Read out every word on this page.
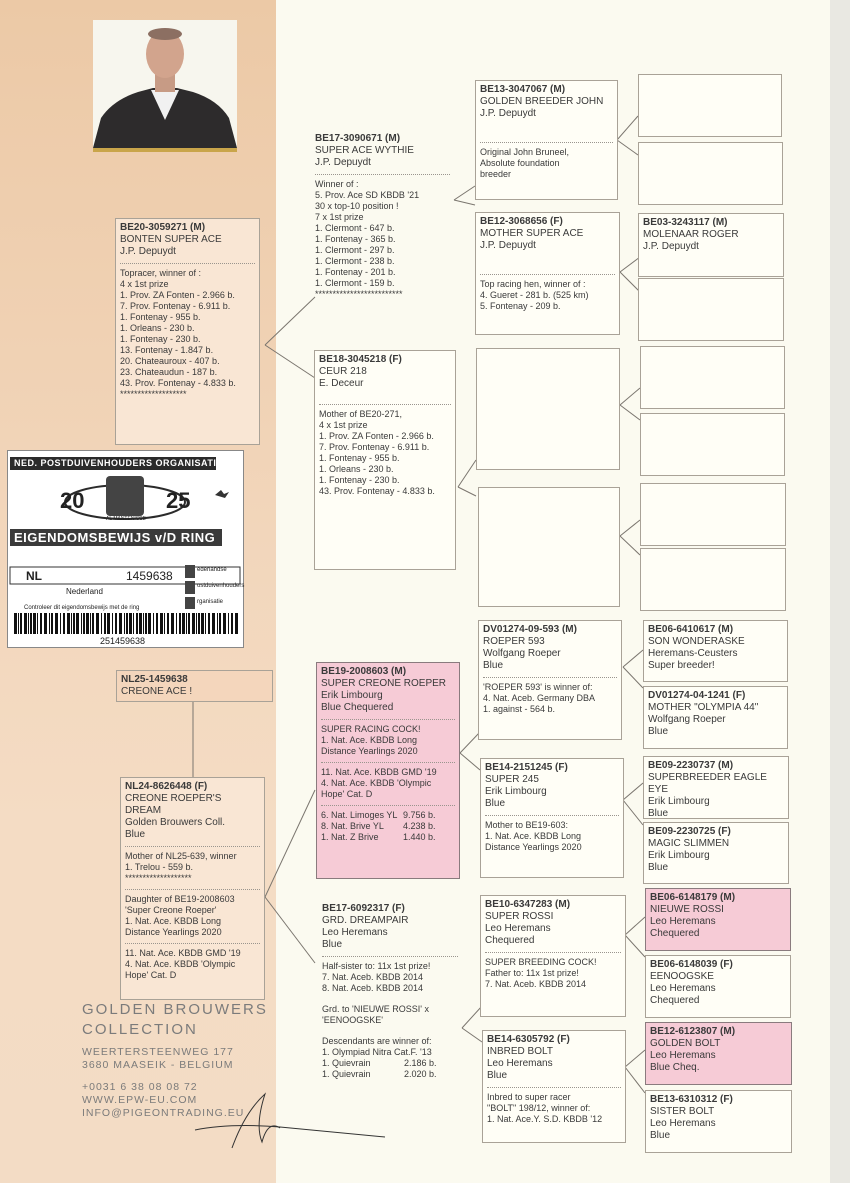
NED. POSTDUIVENHOUDERS ORGANISATIE
20	25
AL MANTENISSE
EIGENDOMSBEWIJS v/D RING
NL	1459638
Nederland
ederlandse
ostduivenhouders
rganisatie
Controleer dit eigendomsbewijs met de ring
251459638
GOLDEN BROUWERS
COLLECTION
WEERTERSTEENWEG 177
3680 MAASEIK - BELGIUM
+0031 6 38 08 08 72
WWW.EPW-EU.COM
INFO@PIGEONTRADING.EU
NL25-1459638
CREONE ACE !
BE20-3059271 (M)
BONTEN SUPER ACE
J.P. Depuydt
Topracer, winner of :
4 x 1st prize
1. Prov. ZA Fonten - 2.966 b.
7. Prov. Fontenay - 6.911 b.
1. Fontenay - 955 b.
1. Orleans - 230 b.
1. Fontenay - 230 b.
13. Fontenay - 1.847 b.
20. Chateauroux - 407 b.
23. Chateaudun - 187 b.
43. Prov. Fontenay - 4.833 b.
*******************
NL24-8626448 (F)
CREONE ROEPER'S DREAM
Golden Brouwers Coll.
Blue
Mother of NL25-639, winner
1. Trelou - 559 b.
*******************
Daughter of BE19-2008603
'Super Creone Roeper'
1. Nat. Ace. KBDB Long
Distance Yearlings 2020
11. Nat. Ace. KBDB GMD '19
4. Nat. Ace. KBDB 'Olympic
Hope' Cat. D
BE17-3090671 (M)
SUPER ACE WYTHIE
J.P. Depuydt
Winner of :
5. Prov. Ace SD KBDB '21
30 x top-10 position !
7 x 1st prize
1. Clermont - 647 b.
1. Fontenay - 365 b.
1. Clermont - 297 b.
1. Clermont - 238 b.
1. Fontenay - 201 b.
1. Clermont - 159 b.
*************************
BE18-3045218 (F)
CEUR 218
E. Deceur
Mother of BE20-271,
4 x 1st prize
1. Prov. ZA Fonten - 2.966 b.
7. Prov. Fontenay - 6.911 b.
1. Fontenay - 955 b.
1. Orleans - 230 b.
1. Fontenay - 230 b.
43. Prov. Fontenay - 4.833 b.
BE19-2008603 (M)
SUPER CREONE ROEPER
Erik Limbourg
Blue Chequered
SUPER RACING COCK!
1. Nat. Ace. KBDB Long
Distance Yearlings 2020
11. Nat. Ace. KBDB GMD '19
4. Nat. Ace. KBDB 'Olympic
Hope' Cat. D
6. Nat. Limoges YL 9.756 b.
8. Nat. Brive YL	4.238 b.
1. Nat. Z Brive	1.440 b.
BE17-6092317 (F)
GRD. DREAMPAIR
Leo Heremans
Blue
Half-sister to: 11x 1st prize!
7. Nat. Aceb. KBDB 2014
8. Nat. Aceb. KBDB 2014
Grd. to 'NIEUWE ROSSI' x
'EENOOGSKE'
Descendants are winner of:
1. Olympiad Nitra Cat.F. '13
1. Quievrain	2.186 b.
1. Quievrain	2.020 b.
BE13-3047067 (M)
GOLDEN BREEDER JOHN
J.P. Depuydt
Original John Bruneel,
Absolute foundation
breeder
BE12-3068656 (F)
MOTHER SUPER ACE
J.P. Depuydt
Top racing hen, winner of :
4. Gueret - 281 b. (525 km)
5. Fontenay - 209 b.
DV01274-09-593 (M)
ROEPER 593
Wolfgang Roeper
Blue
'ROEPER 593' is winner of:
4. Nat. Aceb. Germany DBA
1. against - 564 b.
BE14-2151245 (F)
SUPER 245
Erik Limbourg
Blue
Mother to BE19-603:
1. Nat. Ace. KBDB Long
Distance Yearlings 2020
BE10-6347283 (M)
SUPER ROSSI
Leo Heremans
Chequered
SUPER BREEDING COCK!
Father to: 11x 1st prize!
7. Nat. Aceb. KBDB 2014
BE14-6305792 (F)
INBRED BOLT
Leo Heremans
Blue
Inbred to super racer
"BOLT" 198/12, winner of:
1. Nat. Ace.Y. S.D. KBDB '12
BE03-3243117 (M)
MOLENAAR ROGER
J.P. Depuydt
BE06-6410617 (M)
SON WONDERASKE
Heremans-Ceusters
Super breeder!
DV01274-04-1241 (F)
MOTHER "OLYMPIA 44"
Wolfgang Roeper
Blue
BE09-2230737 (M)
SUPERBREEDER EAGLE EYE
Erik Limbourg
Blue
BE09-2230725 (F)
MAGIC SLIMMEN
Erik Limbourg
Blue
BE06-6148179 (M)
NIEUWE ROSSI
Leo Heremans
Chequered
BE06-6148039 (F)
EENOOGSKE
Leo Heremans
Chequered
BE12-6123807 (M)
GOLDEN BOLT
Leo Heremans
Blue Cheq.
BE13-6310312 (F)
SISTER BOLT
Leo Heremans
Blue
